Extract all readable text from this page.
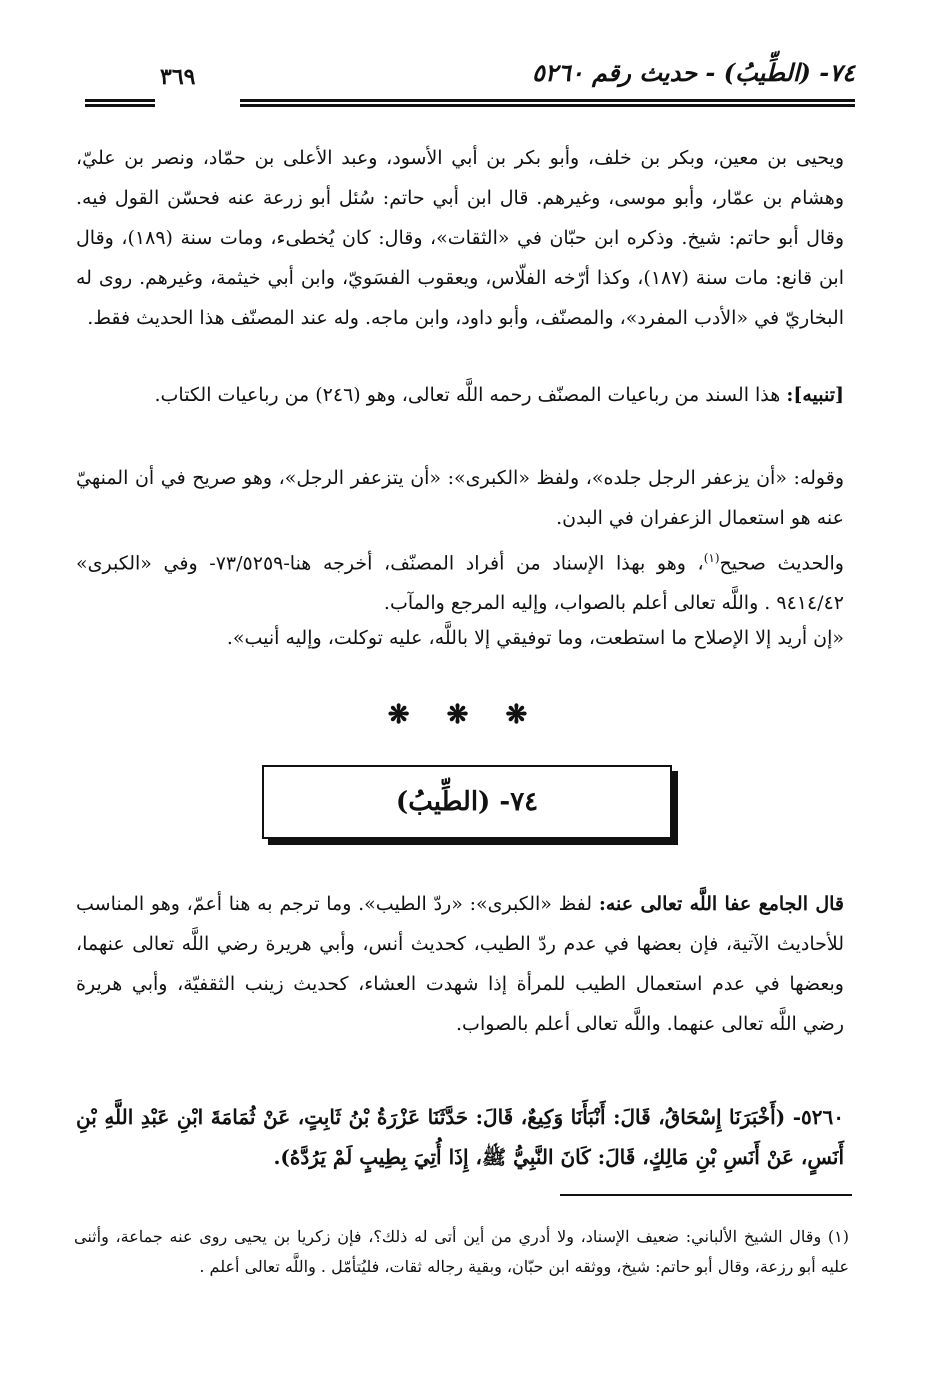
٧٤- (الطِّيبُ) - حديث رقم ٥٢٦٠
٣٦٩
ويحيى بن معين، وبكر بن خلف، وأبو بكر بن أبي الأسود، وعبد الأعلى بن حمّاد، ونصر بن عليّ، وهشام بن عمّار، وأبو موسى، وغيرهم. قال ابن أبي حاتم: سُئل أبو زرعة عنه فحسّن القول فيه. وقال أبو حاتم: شيخ. وذكره ابن حبّان في «الثقات»، وقال: كان يُخطىء، ومات سنة (١٨٩)، وقال ابن قانع: مات سنة (١٨٧)، وكذا أرّخه الفلّاس، ويعقوب الفسَويّ، وابن أبي خيثمة، وغيرهم. روى له البخاريّ في «الأدب المفرد»، والمصنّف، وأبو داود، وابن ماجه. وله عند المصنّف هذا الحديث فقط.
[تنبيه]: هذا السند من رباعيات المصنّف رحمه اللَّه تعالى، وهو (٢٤٦) من رباعيات الكتاب.
وقوله: «أن يزعفر الرجل جلده»، ولفظ «الكبرى»: «أن يتزعفر الرجل»، وهو صريح في أن المنهيّ عنه هو استعمال الزعفران في البدن.
والحديث صحيح$^{(١)}$، وهو بهذا الإسناد من أفراد المصنّف، أخرجه هنا-٧٣/٥٢٥٩- وفي «الكبرى» ٩٤١٤/٤٢ . واللَّه تعالى أعلم بالصواب، وإليه المرجع والمآب.
«إن أريد إلا الإصلاح ما استطعت، وما توفيقي إلا باللَّه، عليه توكلت، وإليه أنيب».
❋ ❋ ❋
٧٤- (الطِّيبُ)
قال الجامع عفا اللَّه تعالى عنه: لفظ «الكبرى»: «ردّ الطيب». وما ترجم به هنا أعمّ، وهو المناسب للأحاديث الآتية، فإن بعضها في عدم ردّ الطيب، كحديث أنس، وأبي هريرة رضي اللَّه تعالى عنهما، وبعضها في عدم استعمال الطيب للمرأة إذا شهدت العشاء، كحديث زينب الثقفيّة، وأبي هريرة رضي اللَّه تعالى عنهما. واللَّه تعالى أعلم بالصواب.
٥٢٦٠- (أَخْبَرَنَا إِسْحَاقُ، قَالَ: أَنْبَأَنَا وَكِيعٌ، قَالَ: حَدَّثَنَا عَزْرَةُ بْنُ ثَابِتٍ، عَنْ ثُمَامَةَ ابْنِ عَبْدِ اللَّهِ بْنِ أَنَسٍ، عَنْ أَنَسِ بْنِ مَالِكٍ، قَالَ: كَانَ النَّبِيُّ ﷺ، إِذَا أُتِيَ بِطِيبٍ لَمْ يَرُدَّهُ).
(١) وقال الشيخ الألباني: ضعيف الإسناد، ولا أدري من أين أتى له ذلك؟، فإن زكريا بن يحيى روى عنه جماعة، وأثنى عليه أبو رزعة، وقال أبو حاتم: شيخ، ووثقه ابن حبّان، وبقية رجاله ثقات، فليُتأمّل . واللَّه تعالى أعلم .
